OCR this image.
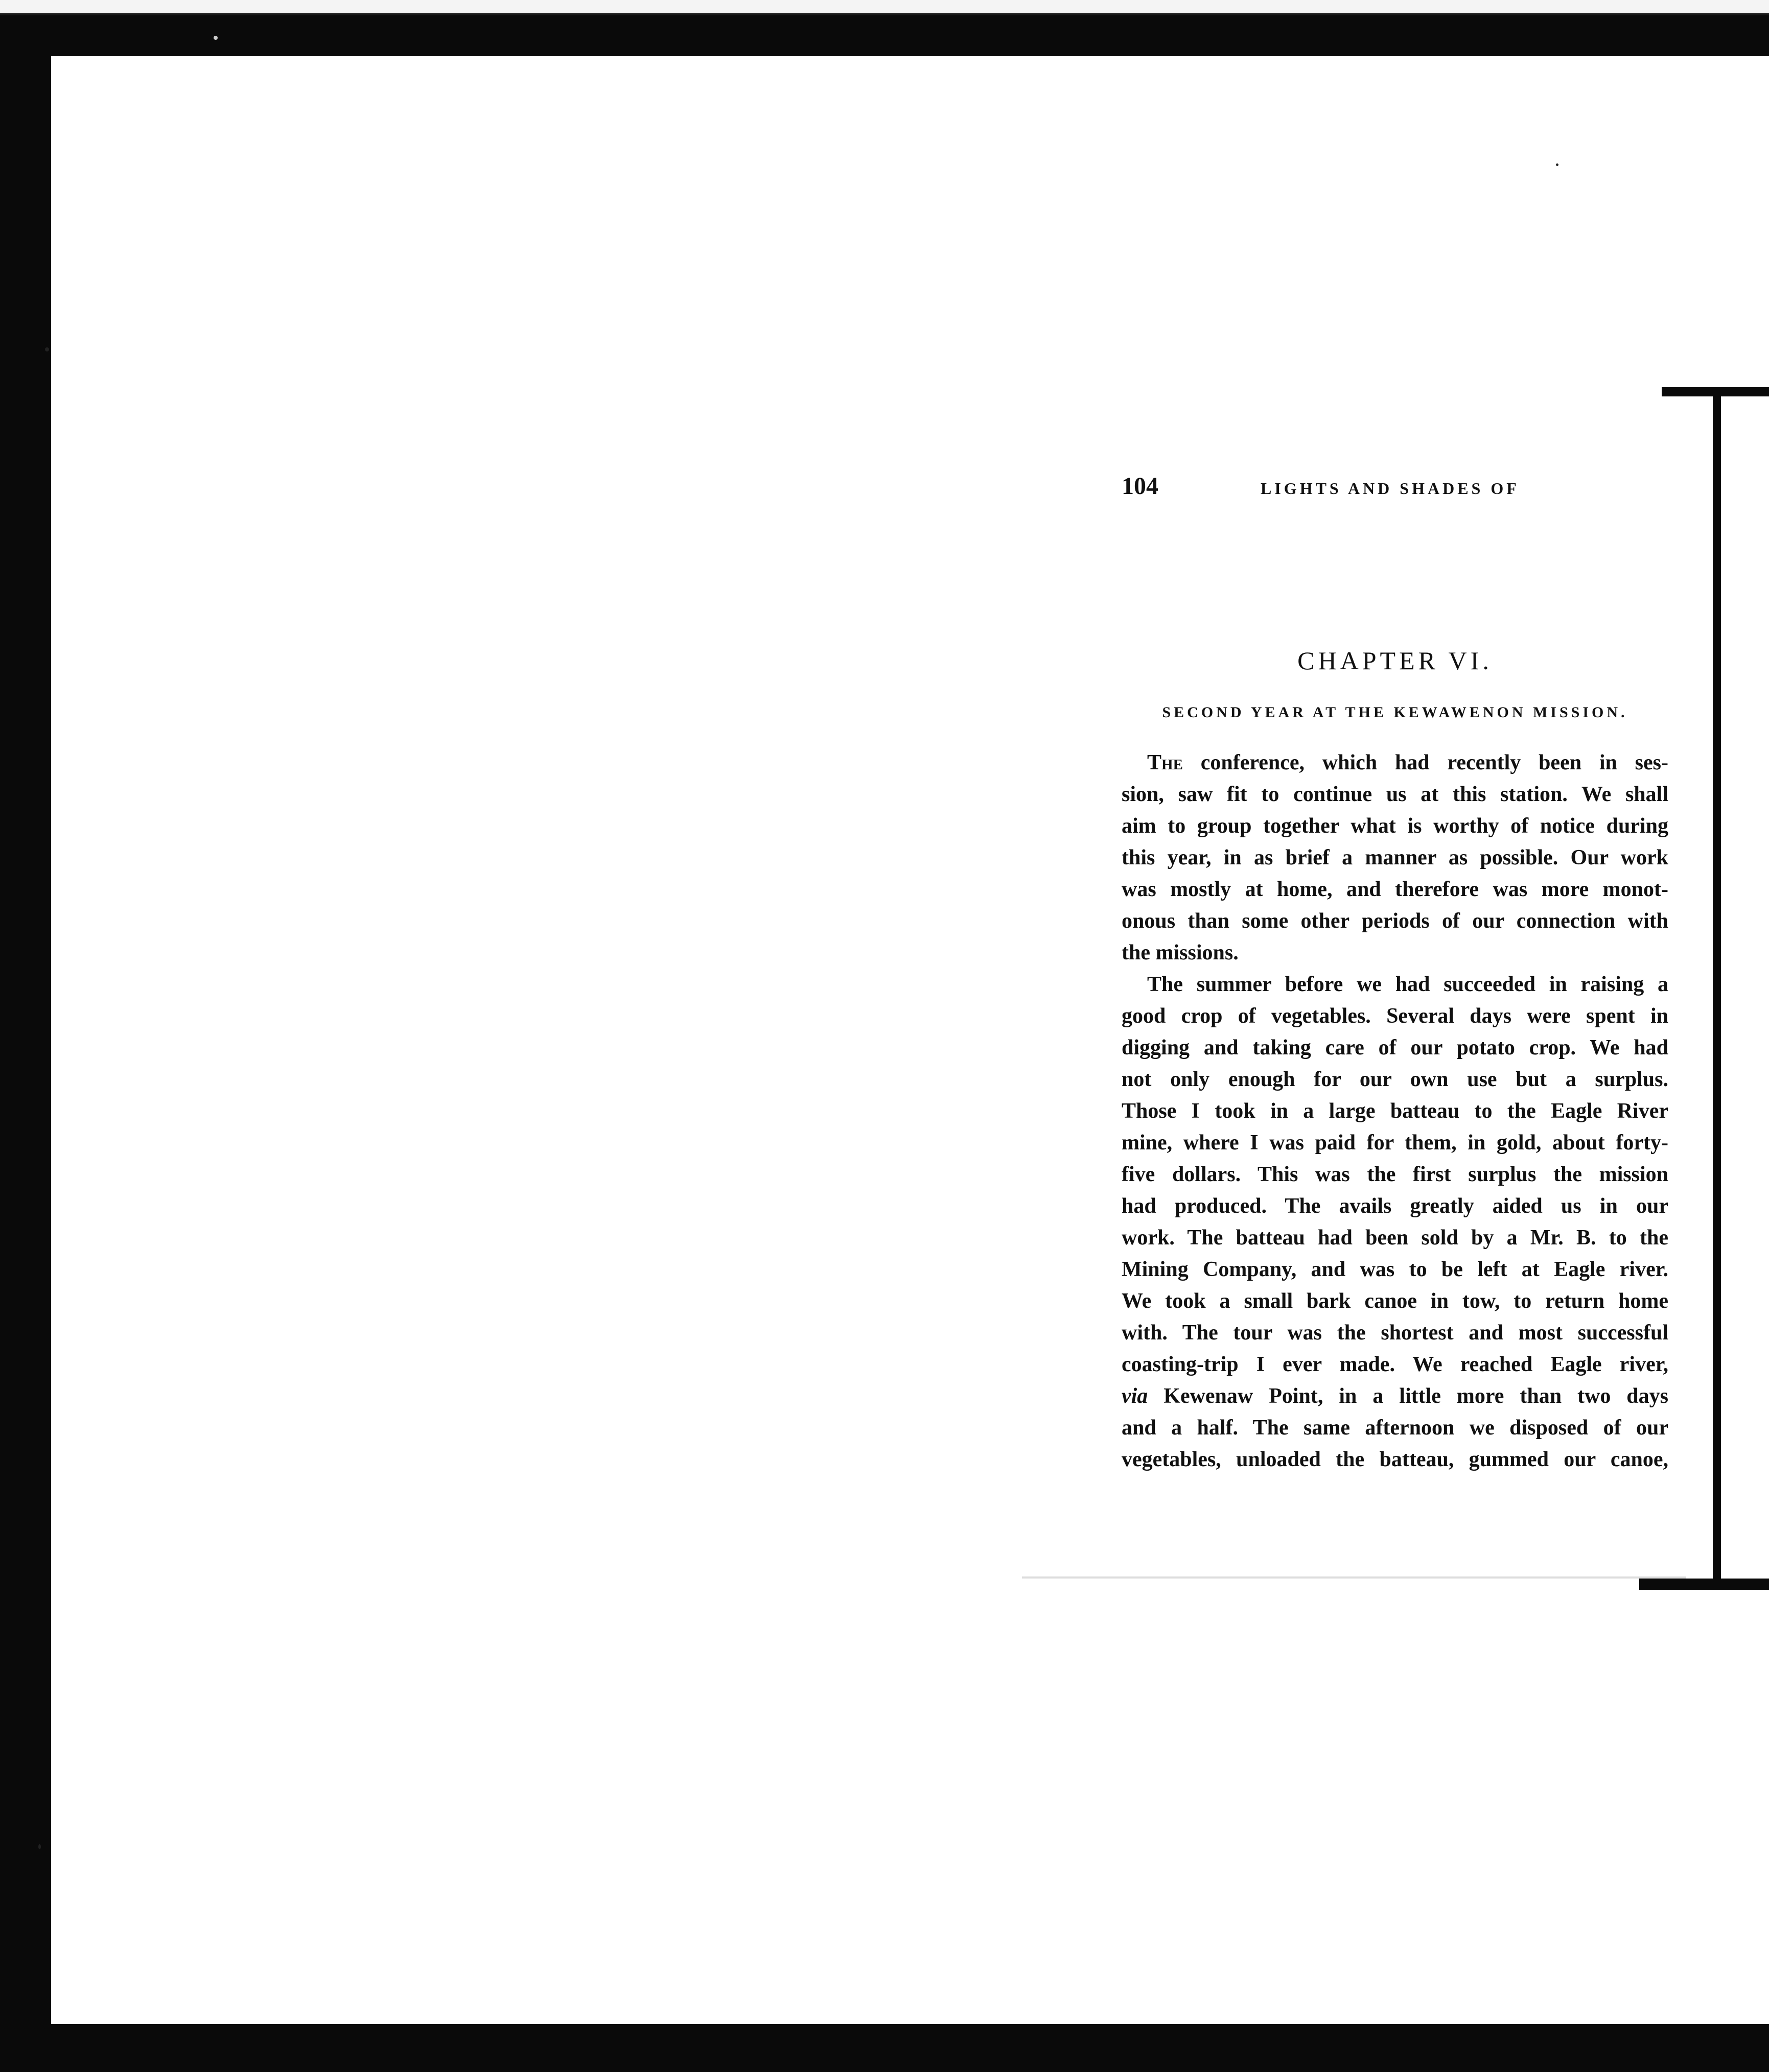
104	LIGHTS AND SHADES OF
CHAPTER VI.
SECOND YEAR AT THE KEWAWENON MISSION.
The conference, which had recently been in ses-
sion, saw fit to continue us at this station. We shall
aim to group together what is worthy of notice during
this year, in as brief a manner as possible. Our work
was mostly at home, and therefore was more monot-
onous than some other periods of our connection with
the missions.
The summer before we had succeeded in raising a
good crop of vegetables. Several days were spent in
digging and taking care of our potato crop. We had
not only enough for our own use but a surplus.
Those I took in a large batteau to the Eagle River
mine, where I was paid for them, in gold, about forty-
five dollars. This was the first surplus the mission
had produced. The avails greatly aided us in our
work. The batteau had been sold by a Mr. B. to the
Mining Company, and was to be left at Eagle river.
We took a small bark canoe in tow, to return home
with. The tour was the shortest and most successful
coasting-trip I ever made. We reached Eagle river,
via Kewenaw Point, in a little more than two days
and a half. The same afternoon we disposed of our
vegetables, unloaded the batteau, gummed our canoe,
